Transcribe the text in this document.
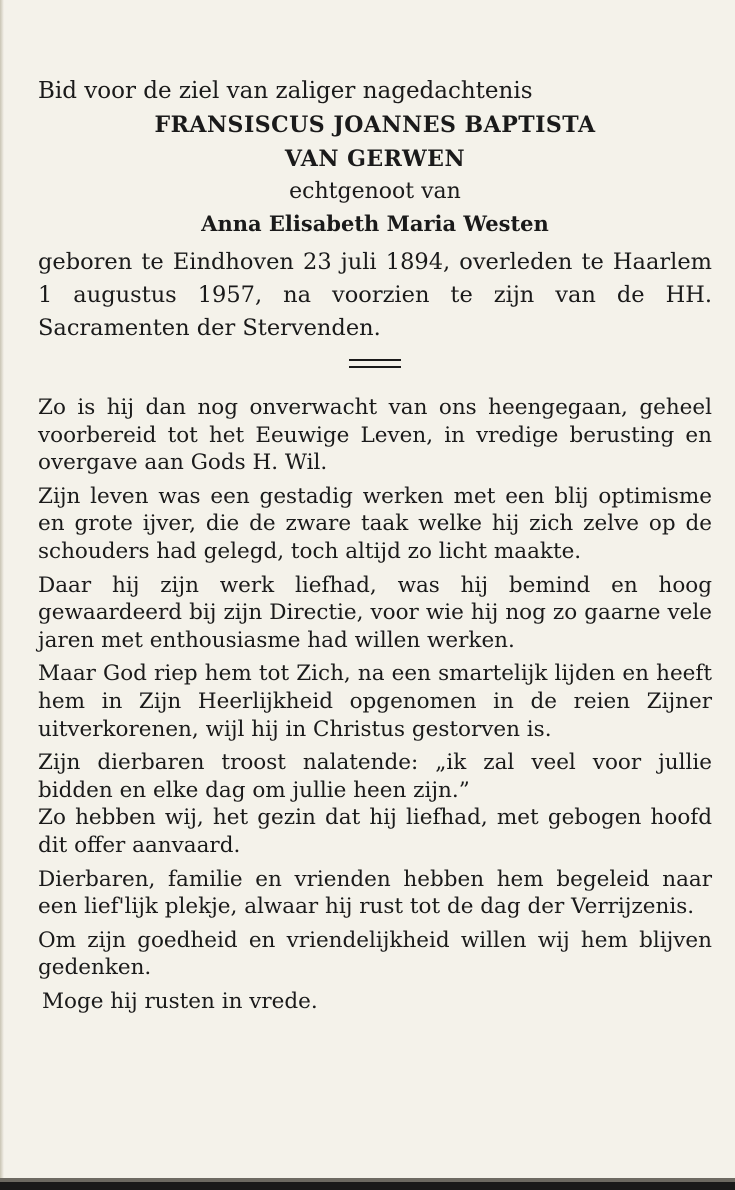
Bid voor de ziel van zaliger nagedachtenis

FRANSISCUS JOANNES BAPTISTA

VAN GERWEN

echtgenoot van

Anna Elisabeth Maria Westen

geboren te Eindhoven 23 juli 1894, overleden te Haarlem 1 augustus 1957, na voorzien te zijn van de HH. Sacramenten der Stervenden.

Zo is hij dan nog onverwacht van ons heengegaan, geheel voorbereid tot het Eeuwige Leven, in vredige berusting en overgave aan Gods H. Wil.

Zijn leven was een gestadig werken met een blij optimisme en grote ijver, die de zware taak welke hij zich zelve op de schouders had gelegd, toch altijd zo licht maakte.

Daar hij zijn werk liefhad, was hij bemind en hoog gewaardeerd bij zijn Directie, voor wie hij nog zo gaarne vele jaren met enthousiasme had willen werken.

Maar God riep hem tot Zich, na een smartelijk lijden en heeft hem in Zijn Heerlijkheid opgenomen in de reien Zijner uitverkorenen, wijl hij in Christus gestorven is.

Zijn dierbaren troost nalatende: „ik zal veel voor jullie bidden en elke dag om jullie heen zijn.”

Zo hebben wij, het gezin dat hij liefhad, met gebogen hoofd dit offer aanvaard.

Dierbaren, familie en vrienden hebben hem begeleid naar een lief'lijk plekje, alwaar hij rust tot de dag der Verrijzenis.

Om zijn goedheid en vriendelijkheid willen wij hem blijven gedenken.

Moge hij rusten in vrede.
